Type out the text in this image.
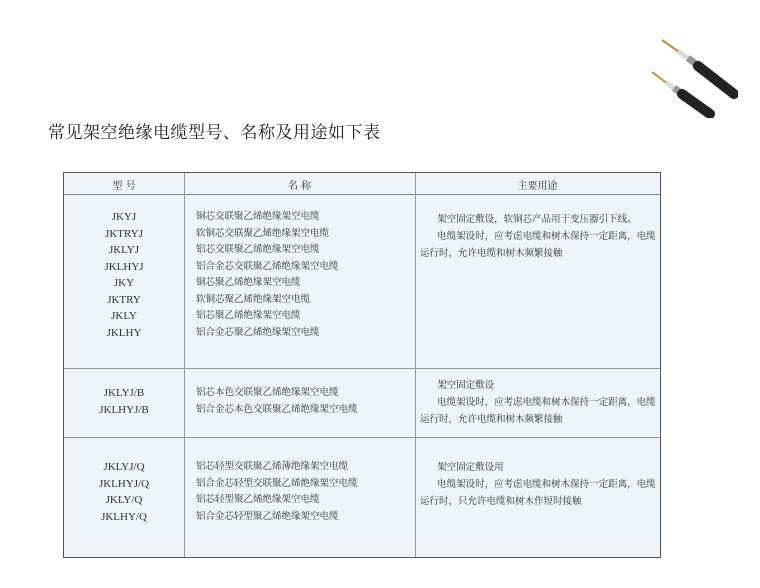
常见架空绝缘电缆型号、名称及用途如下表
型 号	名 称	主要用途
JKYJ
JKTRYJ
JKLYJ
JKLHYJ
JKY
JKTRY
JKLY
JKLHY
铜芯交联聚乙烯绝缘架空电缆
软铜芯交联聚乙烯绝缘架空电缆
铝芯交联聚乙烯绝缘架空电缆
铝合金芯交联聚乙烯绝缘架空电缆
铜芯聚乙烯绝缘架空电缆
软铜芯聚乙烯绝缘架空电缆
铝芯聚乙烯绝缘架空电缆
铝合金芯聚乙烯绝缘架空电缆

架空固定敷设，软铜芯产品用于变压器引下线。

电缆架设时，应考虑电缆和树木保持一定距离，电缆运行时，允许电缆和树木频繁接触

JKLYJ/B
JKLHYJ/B
铝芯本色交联聚乙烯绝缘架空电缆
铝合金芯本色交联聚乙烯绝缘架空电缆

架空固定敷设

电缆架设时，应考虑电缆和树木保持一定距离，电缆运行时，允许电缆和树木频繁接触

JKLYJ/Q
JKLHYJ/Q
JKLY/Q
JKLHY/Q
铝芯轻型交联聚乙烯薄绝缘架空电缆
铝合金芯轻型交联聚乙烯绝缘架空电缆
铝芯轻型聚乙烯绝缘架空电缆
铝合金芯轻型聚乙烯绝缘架空电缆

架空固定敷设用

电缆架设时，应考虑电缆和树木保持一定距离，电缆运行时，只允许电缆和树木作短时接触
